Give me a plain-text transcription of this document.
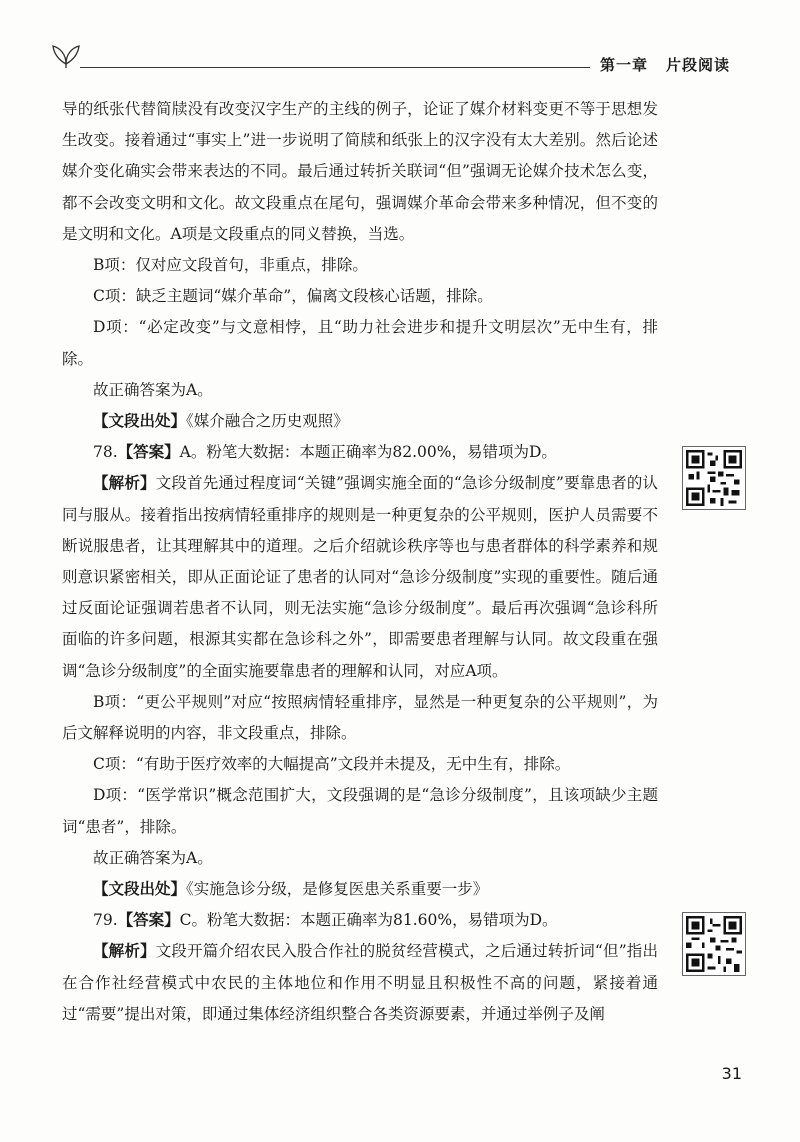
第一章 片段阅读

导的纸张代替简牍没有改变汉字生产的主线的例子，论证了媒介材料变更不等于思想发生改变。接着通过“事实上”进一步说明了简牍和纸张上的汉字没有太大差别。然后论述媒介变化确实会带来表达的不同。最后通过转折关联词“但”强调无论媒介技术怎么变，都不会改变文明和文化。故文段重点在尾句，强调媒介革命会带来多种情况，但不变的是文明和文化。A项是文段重点的同义替换，当选。

B项：仅对应文段首句，非重点，排除。

C项：缺乏主题词“媒介革命”，偏离文段核心话题，排除。

D项：“必定改变”与文意相悖，且“助力社会进步和提升文明层次”无中生有，排除。

故正确答案为A。

【文段出处】《媒介融合之历史观照》

78.【答案】A。粉笔大数据：本题正确率为82.00%，易错项为D。

【解析】文段首先通过程度词“关键”强调实施全面的“急诊分级制度”要靠患者的认同与服从。接着指出按病情轻重排序的规则是一种更复杂的公平规则，医护人员需要不断说服患者，让其理解其中的道理。之后介绍就诊秩序等也与患者群体的科学素养和规则意识紧密相关，即从正面论证了患者的认同对“急诊分级制度”实现的重要性。随后通过反面论证强调若患者不认同，则无法实施“急诊分级制度”。最后再次强调“急诊科所面临的许多问题，根源其实都在急诊科之外”，即需要患者理解与认同。故文段重在强调“急诊分级制度”的全面实施要靠患者的理解和认同，对应A项。

B项：“更公平规则”对应“按照病情轻重排序，显然是一种更复杂的公平规则”，为后文解释说明的内容，非文段重点，排除。

C项：“有助于医疗效率的大幅提高”文段并未提及，无中生有，排除。

D项：“医学常识”概念范围扩大，文段强调的是“急诊分级制度”，且该项缺少主题词“患者”，排除。

故正确答案为A。

【文段出处】《实施急诊分级，是修复医患关系重要一步》

79.【答案】C。粉笔大数据：本题正确率为81.60%，易错项为D。

【解析】文段开篇介绍农民入股合作社的脱贫经营模式，之后通过转折词“但”指出在合作社经营模式中农民的主体地位和作用不明显且积极性不高的问题，紧接着通过“需要”提出对策，即通过集体经济组织整合各类资源要素，并通过举例子及阐

31
